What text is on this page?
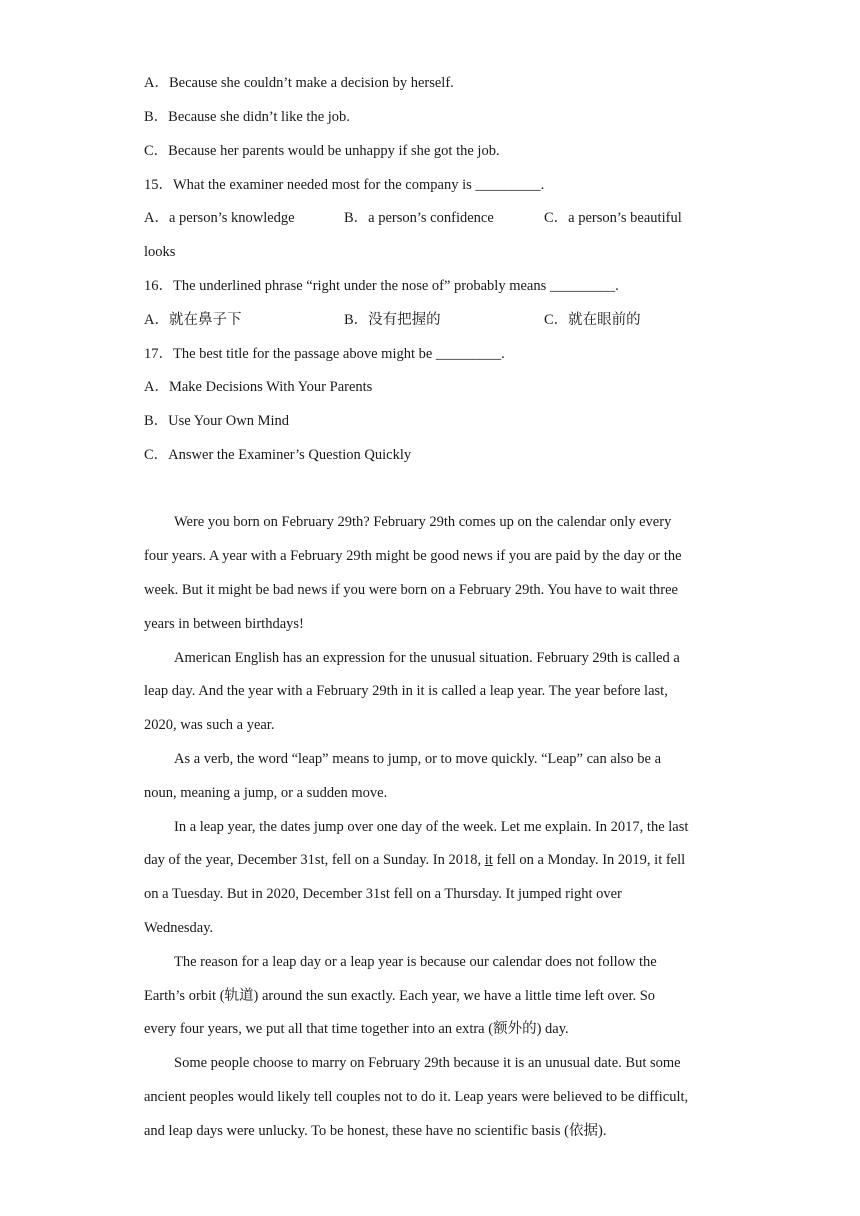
A．Because she couldn’t make a decision by herself.
B．Because she didn’t like the job.
C．Because her parents would be unhappy if she got the job.
15．What the examiner needed most for the company is _________.
A．a person’s knowledge	B．a person’s confidence	C．a person’s beautiful
looks
16．The underlined phrase “right under the nose of” probably means _________.
A．就在鼻子下	B．没有把握的	C．就在眼前的
17．The best title for the passage above might be _________.
A．Make Decisions With Your Parents
B．Use Your Own Mind
C．Answer the Examiner’s Question Quickly
Were you born on February 29th? February 29th comes up on the calendar only every
four years. A year with a February 29th might be good news if you are paid by the day or the
week. But it might be bad news if you were born on a February 29th. You have to wait three
years in between birthdays!
American English has an expression for the unusual situation. February 29th is called a
leap day. And the year with a February 29th in it is called a leap year. The year before last,
2020, was such a year.
As a verb, the word “leap” means to jump, or to move quickly. “Leap” can also be a
noun, meaning a jump, or a sudden move.
In a leap year, the dates jump over one day of the week. Let me explain. In 2017, the last
day of the year, December 31st, fell on a Sunday. In 2018, it fell on a Monday. In 2019, it fell
on a Tuesday. But in 2020, December 31st fell on a Thursday. It jumped right over
Wednesday.
The reason for a leap day or a leap year is because our calendar does not follow the
Earth’s orbit (轨道) around the sun exactly. Each year, we have a little time left over. So
every four years, we put all that time together into an extra (额外的) day.
Some people choose to marry on February 29th because it is an unusual date. But some
ancient peoples would likely tell couples not to do it. Leap years were believed to be difficult,
and leap days were unlucky. To be honest, these have no scientific basis (依据).
